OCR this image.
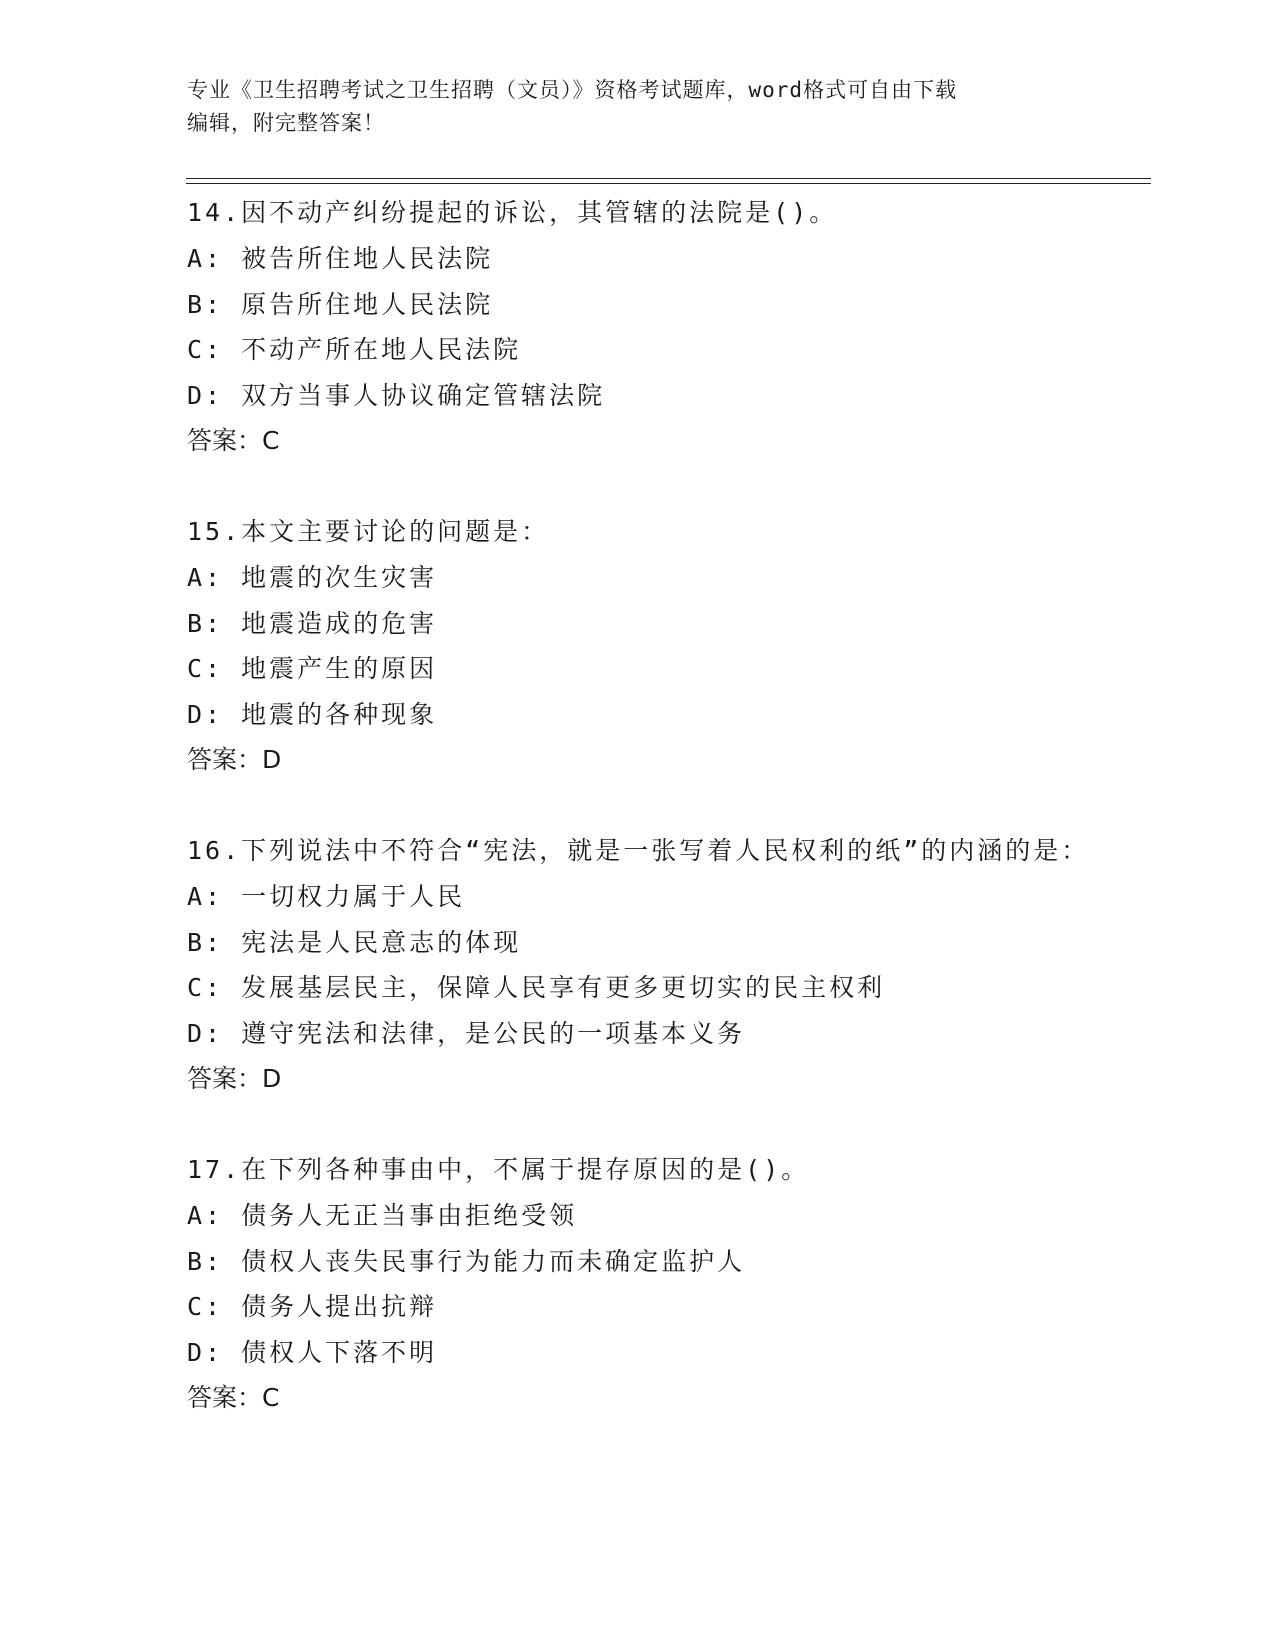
专业《卫生招聘考试之卫生招聘（文员）》资格考试题库，word格式可自由下载
编辑，附完整答案！

14.因不动产纠纷提起的诉讼，其管辖的法院是()。

A: 被告所住地人民法院

B: 原告所住地人民法院

C: 不动产所在地人民法院

D: 双方当事人协议确定管辖法院

答案：C

15.本文主要讨论的问题是：

A: 地震的次生灾害

B: 地震造成的危害

C: 地震产生的原因

D: 地震的各种现象

答案：D

16.下列说法中不符合“宪法，就是一张写着人民权利的纸”的内涵的是：

A: 一切权力属于人民

B: 宪法是人民意志的体现

C: 发展基层民主，保障人民享有更多更切实的民主权利

D: 遵守宪法和法律，是公民的一项基本义务

答案：D

17.在下列各种事由中，不属于提存原因的是()。

A: 债务人无正当事由拒绝受领

B: 债权人丧失民事行为能力而未确定监护人

C: 债务人提出抗辩

D: 债权人下落不明

答案：C
